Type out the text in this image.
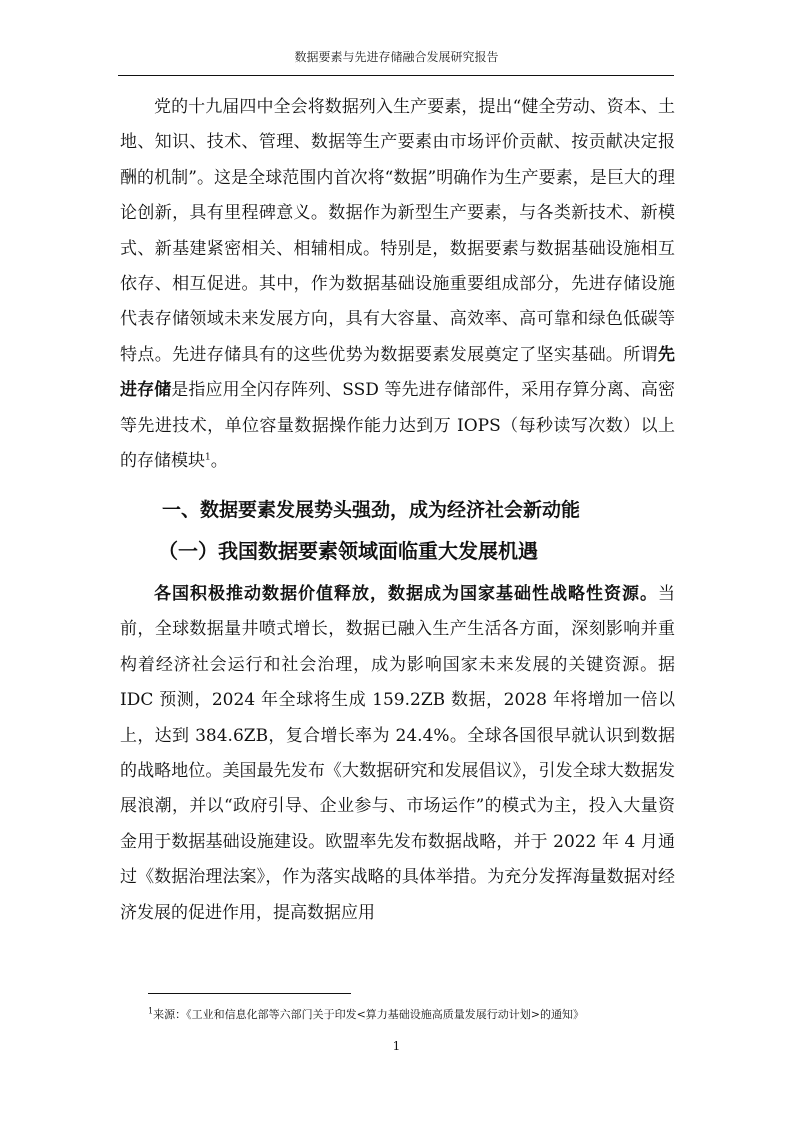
数据要素与先进存储融合发展研究报告
党的十九届四中全会将数据列入生产要素，提出“健全劳动、资本、土地、知识、技术、管理、数据等生产要素由市场评价贡献、按贡献决定报酬的机制”。这是全球范围内首次将“数据”明确作为生产要素，是巨大的理论创新，具有里程碑意义。数据作为新型生产要素，与各类新技术、新模式、新基建紧密相关、相辅相成。特别是，数据要素与数据基础设施相互依存、相互促进。其中，作为数据基础设施重要组成部分，先进存储设施代表存储领域未来发展方向，具有大容量、高效率、高可靠和绿色低碳等特点。先进存储具有的这些优势为数据要素发展奠定了坚实基础。所谓先进存储是指应用全闪存阵列、SSD 等先进存储部件，采用存算分离、高密等先进技术，单位容量数据操作能力达到万 IOPS（每秒读写次数）以上的存储模块$^1$。
一、数据要素发展势头强劲，成为经济社会新动能
（一）我国数据要素领域面临重大发展机遇
各国积极推动数据价值释放，数据成为国家基础性战略性资源。当前，全球数据量井喷式增长，数据已融入生产生活各方面，深刻影响并重构着经济社会运行和社会治理，成为影响国家未来发展的关键资源。据 IDC 预测，2024 年全球将生成 159.2ZB 数据，2028 年将增加一倍以上，达到 384.6ZB，复合增长率为 24.4%。全球各国很早就认识到数据的战略地位。美国最先发布《大数据研究和发展倡议》，引发全球大数据发展浪潮，并以“政府引导、企业参与、市场运作”的模式为主，投入大量资金用于数据基础设施建设。欧盟率先发布数据战略，并于 2022 年 4 月通过《数据治理法案》，作为落实战略的具体举措。为充分发挥海量数据对经济发展的促进作用，提高数据应用
$^1$来源：《工业和信息化部等六部门关于印发<算力基础设施高质量发展行动计划>的通知》
1
